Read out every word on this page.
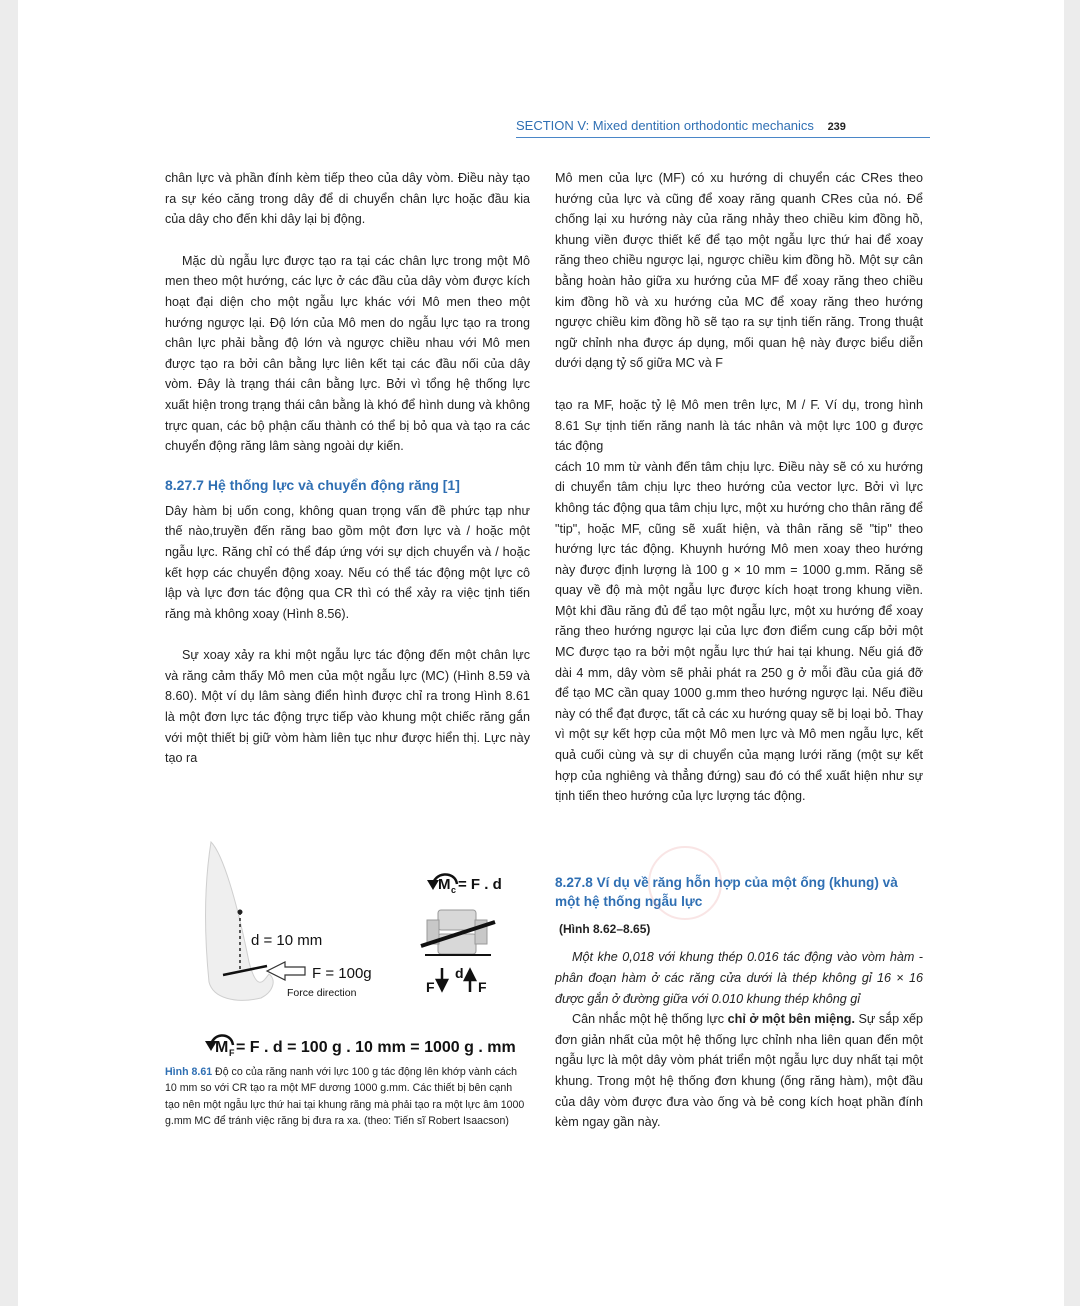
SECTION V: Mixed dentition orthodontic mechanics 239

chân lực và phần đính kèm tiếp theo của dây vòm. Điều này tạo ra sự kéo căng trong dây để di chuyển chân lực hoặc đầu kia của dây cho đến khi dây lại bị động.

Mặc dù ngẫu lực được tạo ra tại các chân lực trong một Mô men theo một hướng, các lực ở các đầu của dây vòm được kích hoạt đại diện cho một ngẫu lực khác với Mô men theo một hướng ngược lại. Độ lớn của Mô men do ngẫu lực tạo ra trong chân lực phải bằng độ lớn và ngược chiều nhau với Mô men được tạo ra bởi cân bằng lực liên kết tại các đầu nối của dây vòm. Đây là trạng thái cân bằng lực. Bởi vì tổng hệ thống lực xuất hiện trong trạng thái cân bằng là khó để hình dung và không trực quan, các bộ phận cấu thành có thể bị bỏ qua và tạo ra các chuyển động răng lâm sàng ngoài dự kiến.

8.27.7 Hệ thống lực và chuyển động răng [1]

Dây hàm bị uốn cong, không quan trọng vấn đề phức tạp như thế nào,truyền đến răng bao gồm một đơn lực và / hoặc một ngẫu lực. Răng chỉ có thể đáp ứng với sự dịch chuyển và / hoặc kết hợp các chuyển động xoay. Nếu có thể tác động một lực cô lập và lực đơn tác động qua CR thì có thể xảy ra việc tịnh tiến răng mà không xoay (Hình 8.56).

Sự xoay xảy ra khi một ngẫu lực tác động đến một chân lực và răng cảm thấy Mô men của một ngẫu lực (MC) (Hình 8.59 và 8.60). Một ví dụ lâm sàng điển hình được chỉ ra trong Hình 8.61 là một đơn lực tác động trực tiếp vào khung một chiếc răng gắn với một thiết bị giữ vòm hàm liên tục như được hiển thị. Lực này tạo ra

Mô men của lực (MF) có xu hướng di chuyển các CRes theo hướng của lực và cũng để xoay răng quanh CRes của nó. Để chống lại xu hướng này của răng nhảy theo chiều kim đồng hồ, khung viền được thiết kế để tạo một ngẫu lực thứ hai để xoay răng theo chiều ngược lại, ngược chiều kim đồng hồ. Một sự cân bằng hoàn hảo giữa xu hướng của MF để xoay răng theo chiều kim đồng hồ và xu hướng của MC để xoay răng theo hướng ngược chiều kim đồng hồ sẽ tạo ra sự tịnh tiến răng. Trong thuật ngữ chỉnh nha được áp dụng, mối quan hệ này được biểu diễn dưới dạng tỷ số giữa MC và F

tạo ra MF, hoặc tỷ lệ Mô men trên lực, M / F. Ví dụ, trong hình 8.61 Sự tịnh tiến răng nanh là tác nhân và một lực 100 g được tác động

cách 10 mm từ vành đến tâm chịu lực. Điều này sẽ có xu hướng di chuyển tâm chịu lực theo hướng của vector lực. Bởi vì lực không tác động qua tâm chịu lực, một xu hướng cho thân răng để "tip", hoặc MF, cũng sẽ xuất hiện, và thân răng sẽ "tip" theo hướng lực tác động. Khuynh hướng Mô men xoay theo hướng này được định lượng là 100 g × 10 mm = 1000 g.mm. Răng sẽ quay về độ mà một ngẫu lực được kích hoạt trong khung viền. Một khi đầu răng đủ để tạo một ngẫu lực, một xu hướng để xoay răng theo hướng ngược lại của lực đơn điểm cung cấp bởi một MC được tạo ra bởi một ngẫu lực thứ hai tại khung. Nếu giá đỡ dài 4 mm, dây vòm sẽ phải phát ra 250 g ở mỗi đầu của giá đỡ để tạo MC cần quay 1000 g.mm theo hướng ngược lại. Nếu điều này có thể đạt được, tất cả các xu hướng quay sẽ bị loại bỏ. Thay vì một sự kết hợp của một Mô men lực và Mô men ngẫu lực, kết quả cuối cùng và sự di chuyển của mạng lưới răng (một sự kết hợp của nghiêng và thẳng đứng) sau đó có thể xuất hiện như sự tịnh tiến theo hướng của lực lượng tác động.

8.27.8 Ví dụ về răng hỗn hợp của một ống (khung) và một hệ thống ngẫu lực

(Hình 8.62–8.65)

Một khe 0,018 với khung thép 0.016 tác động vào vòm hàm - phân đoạn hàm ở các răng cửa dưới là thép không gỉ 16 × 16 được gắn ở đường giữa với 0.010 khung thép không gỉ

Cân nhắc một hệ thống lực chỉ ở một bên miệng. Sự sắp xếp đơn giản nhất của một hệ thống lực chỉnh nha liên quan đến một ngẫu lực là một dây vòm phát triển một ngẫu lực duy nhất tại một khung. Trong một hệ thống đơn khung (ống răng hàm), một đầu của dây vòm được đưa vào ống và bẻ cong kích hoạt phần đính kèm ngay gần này.

d = 10 mm
F = 100g
Force direction
M c = F . d
F
d
F
M F = F . d = 100 g . 10 mm = 1000 g . mm
Hình 8.61 Độ co của răng nanh với lực 100 g tác động lên khớp vành cách 10 mm so với CR tạo ra một MF dương 1000 g.mm. Các thiết bị bên cạnh tạo nên một ngẫu lực thứ hai tại khung răng mà phải tạo ra một lực âm 1000 g.mm MC để tránh việc răng bị đưa ra xa. (theo: Tiến sĩ Robert Isaacson)
